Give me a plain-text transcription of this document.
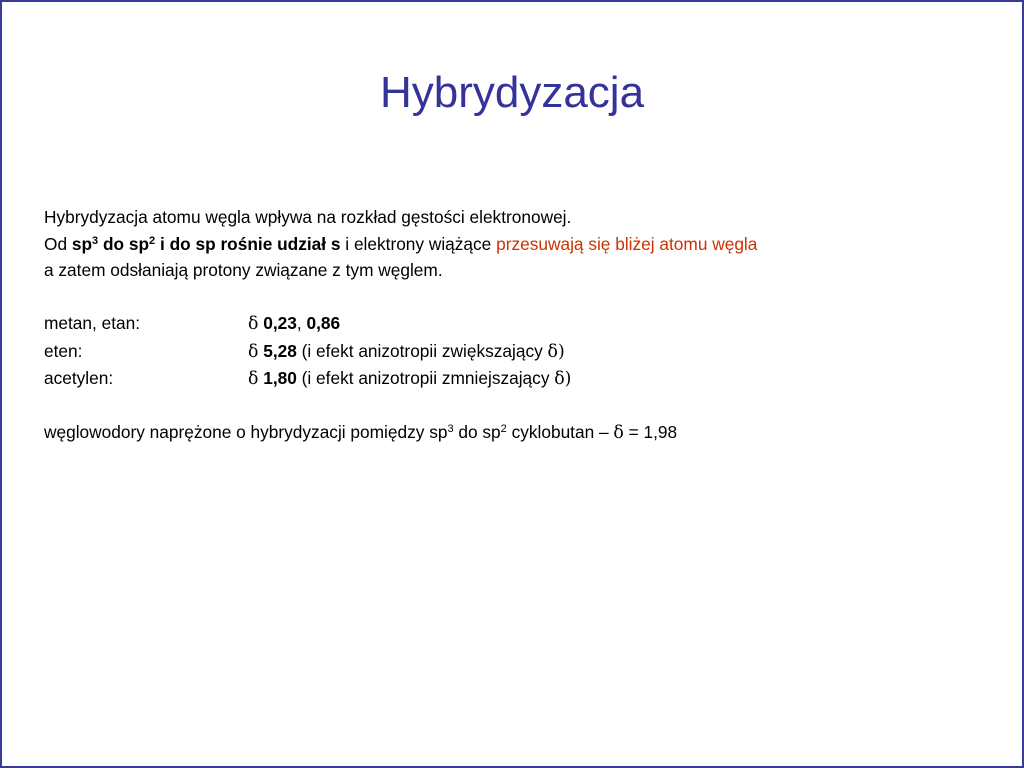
Hybrydyzacja
Hybrydyzacja atomu węgla wpływa na rozkład gęstości elektronowej.
Od $sp^3$ do $sp^2$ i do sp rośnie udział s i elektrony wiążące przesuwają się bliżej atomu węgla
a zatem odsłaniają protony związane z tym węglem.
metan, etan:	δ 0,23, 0,86
eten:	δ 5,28 (i efekt anizotropii zwiększający δ)
acetylen:	δ 1,80 (i efekt anizotropii zmniejszający δ)
węglowodory naprężone o hybrydyzacji pomiędzy $sp^3$ do $sp^2$ cyklobutan – δ = 1,98
